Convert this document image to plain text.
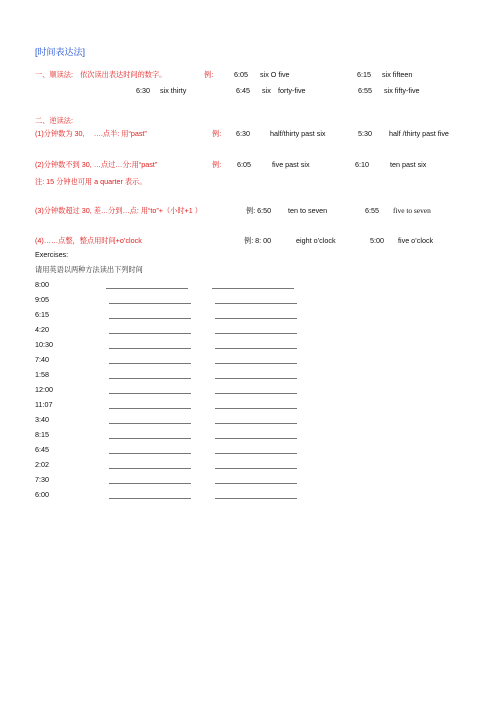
[时间表达法]
一、顺读法:　依次读出表达时间的数字。	例:	6:05 six O five	6:15 six fifteen
6:30 six thirty	6:45 six　forty-five	6:55 six fifty-five
二、逆读法:
(1)分钟数为 30, 　….点半: 用“past”	例: 6:30	half/thirty past six	5:30 half /thirty past five
(2)分钟数不到 30, …点过…分:用“past”	例: 6:05	five past six	6:10	ten past six
注: 15 分钟也可用 a quarter 表示。
(3)分钟数超过 30, 差…分到…点: 用“to”+（小时+1 ）	例: 6:50 ten to seven	6:55 five to seven
(4)……点整，整点用时间+o’clock	例: 8: 00	eight o’clock	5:00 five o’clock
Exercises:
请用英语以两种方法读出下列时间
8:00
9:05
6:15
4:20
10:30
7:40
1:58
12:00
11:07
3:40
8:15
6:45
2:02
7:30
6:00
